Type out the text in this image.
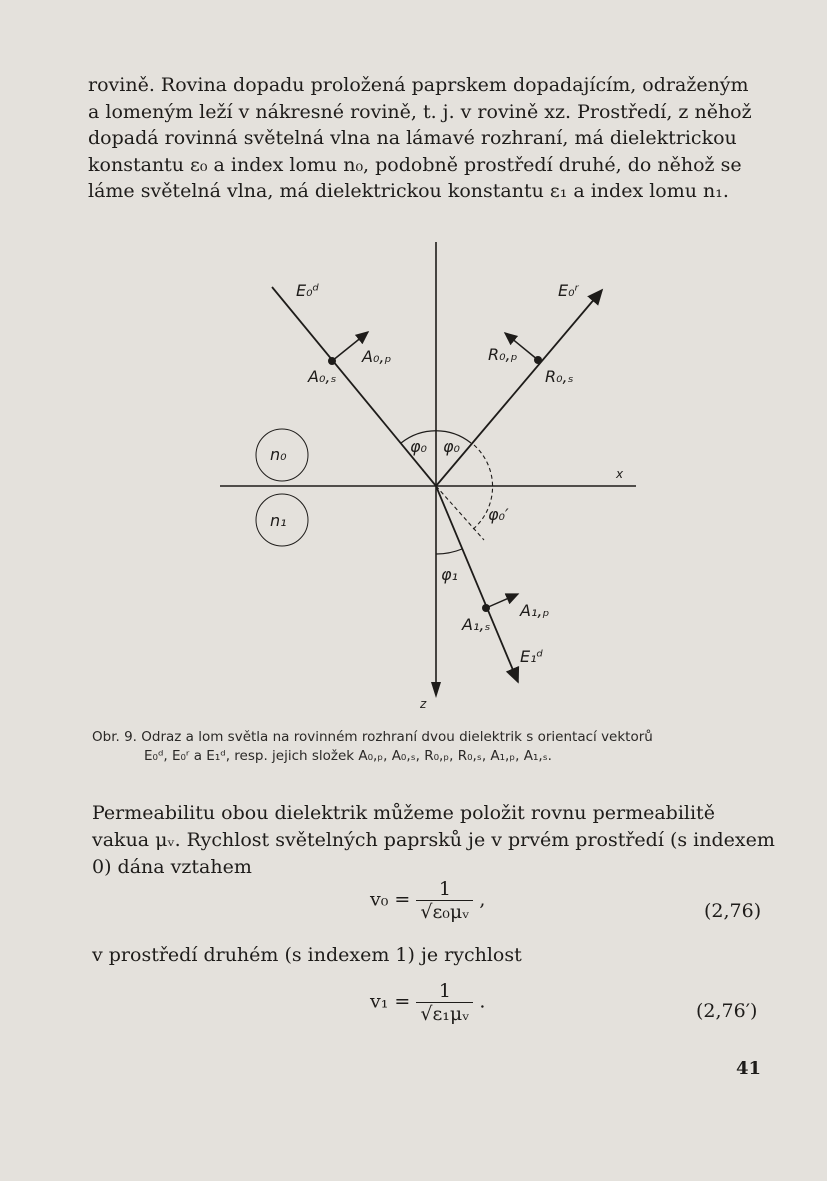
rovině. Rovina dopadu proložená paprskem dopadajícím, odraženým
a lomeným leží v nákresné rovině, t. j. v rovině xz. Prostředí, z něhož
dopadá rovinná světelná vlna na lámavé rozhraní, má dielektrickou
konstantu ε₀ a index lomu n₀, podobně prostředí druhé, do něhož se
láme světelná vlna, má dielektrickou konstantu ε₁ a index lomu n₁.
E₀ᵈ	E₀ʳ
A₀,ₚ
A₀,ₛ
R₀,ₚ
R₀,ₛ
φ₀ φ₀
φ₀′
φ₁
A₁,ₚ
A₁,ₛ
E₁ᵈ
n₀
n₁
x
z
Obr. 9. Odraz a lom světla na rovinném rozhraní dvou dielektrik s orientací vektorů
E₀ᵈ, E₀ʳ a E₁ᵈ, resp. jejich složek A₀,ₚ, A₀,ₛ, R₀,ₚ, R₀,ₛ, A₁,ₚ, A₁,ₛ.
Permeabilitu obou dielektrik můžeme položit rovnu permeabilitě
vakua μᵥ. Rychlost světelných paprsků je v prvém prostředí (s indexem
0) dána vztahem
$v_0 = \frac{1}{\text{√ε₀μᵥ}}$ ,
(2,76)
v prostředí druhém (s indexem 1) je rychlost
$v_1 = \frac{1}{\text{√ε₁μᵥ}}$ .	(2,76′)
41
